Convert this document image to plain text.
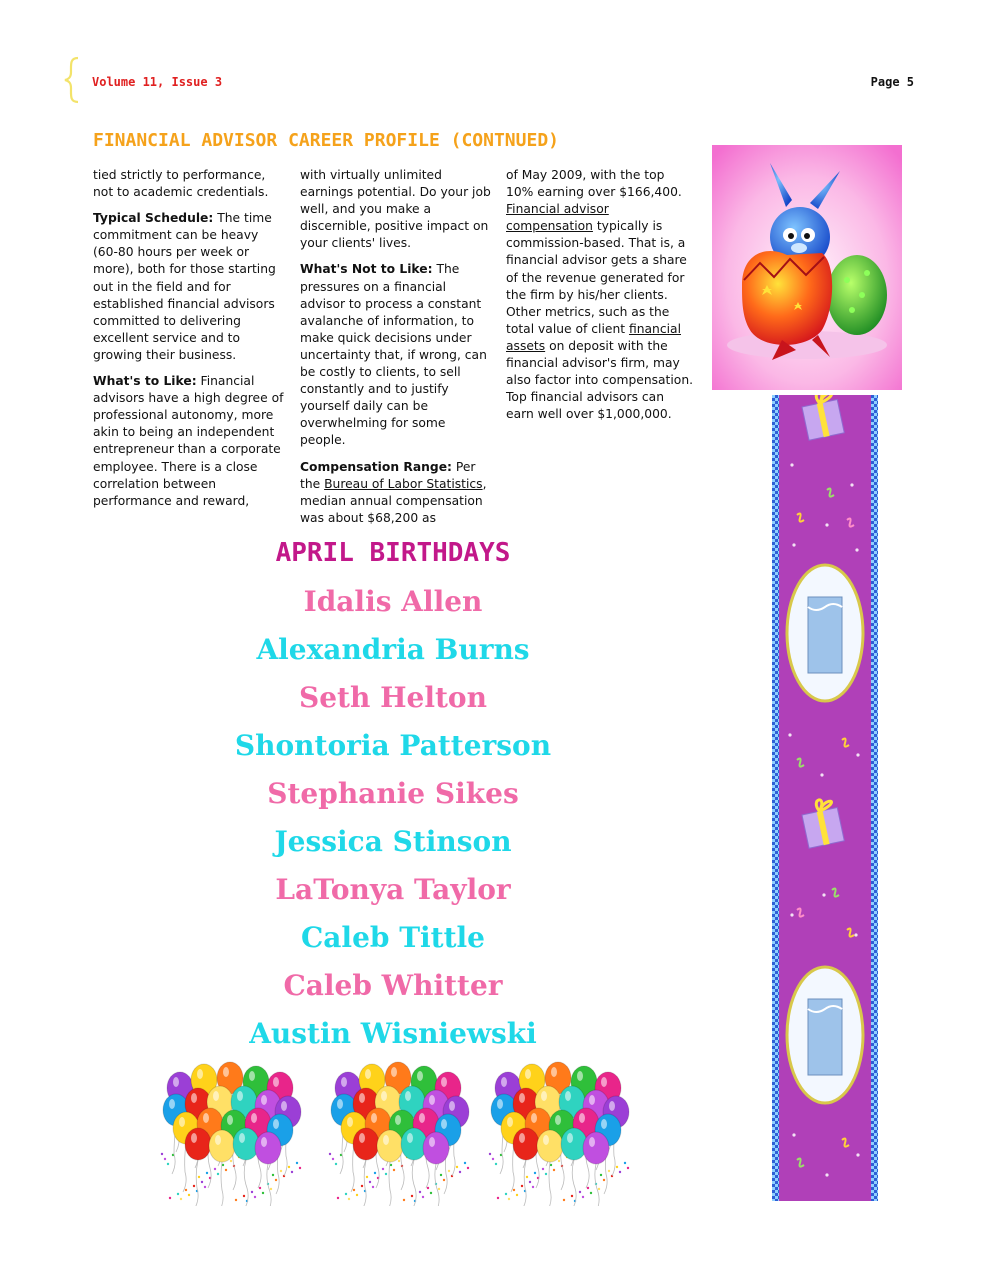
Volume 11, Issue 3	Page 5
FINANCIAL ADVISOR CAREER PROFILE (CONTNUED)

tied strictly to performance, not to academic credentials.

Typical Schedule: The time commitment can be heavy (60-80 hours per week or more), both for those starting out in the field and for established financial advisors committed to delivering excellent service and to growing their business.

What's to Like: Financial advisors have a high degree of professional autonomy, more akin to being an independent entrepreneur than a corporate employee. There is a close correlation between performance and reward,

with virtually unlimited earnings potential. Do your job well, and you make a discernible, positive impact on your clients' lives.

What's Not to Like: The pressures on a financial advisor to process a constant avalanche of information, to make quick decisions under uncertainty that, if wrong, can be costly to clients, to sell constantly and to justify yourself daily can be overwhelming for some people.

Compensation Range: Per the Bureau of Labor Statistics, median annual compensation was about $68,200 as

of May 2009, with the top 10% earning over $166,400. Financial advisor compensation typically is commission-based. That is, a financial advisor gets a share of the revenue generated for the firm by his/her clients. Other metrics, such as the total value of client financial assets on deposit with the financial advisor's firm, may also factor into compensation. Top financial advisors can earn well over $1,000,000.

APRIL BIRTHDAYS
Idalis Allen
Alexandria Burns
Seth Helton
Shontoria Patterson
Stephanie Sikes
Jessica Stinson
LaTonya Taylor
Caleb Tittle
Caleb Whitter
Austin Wisniewski
